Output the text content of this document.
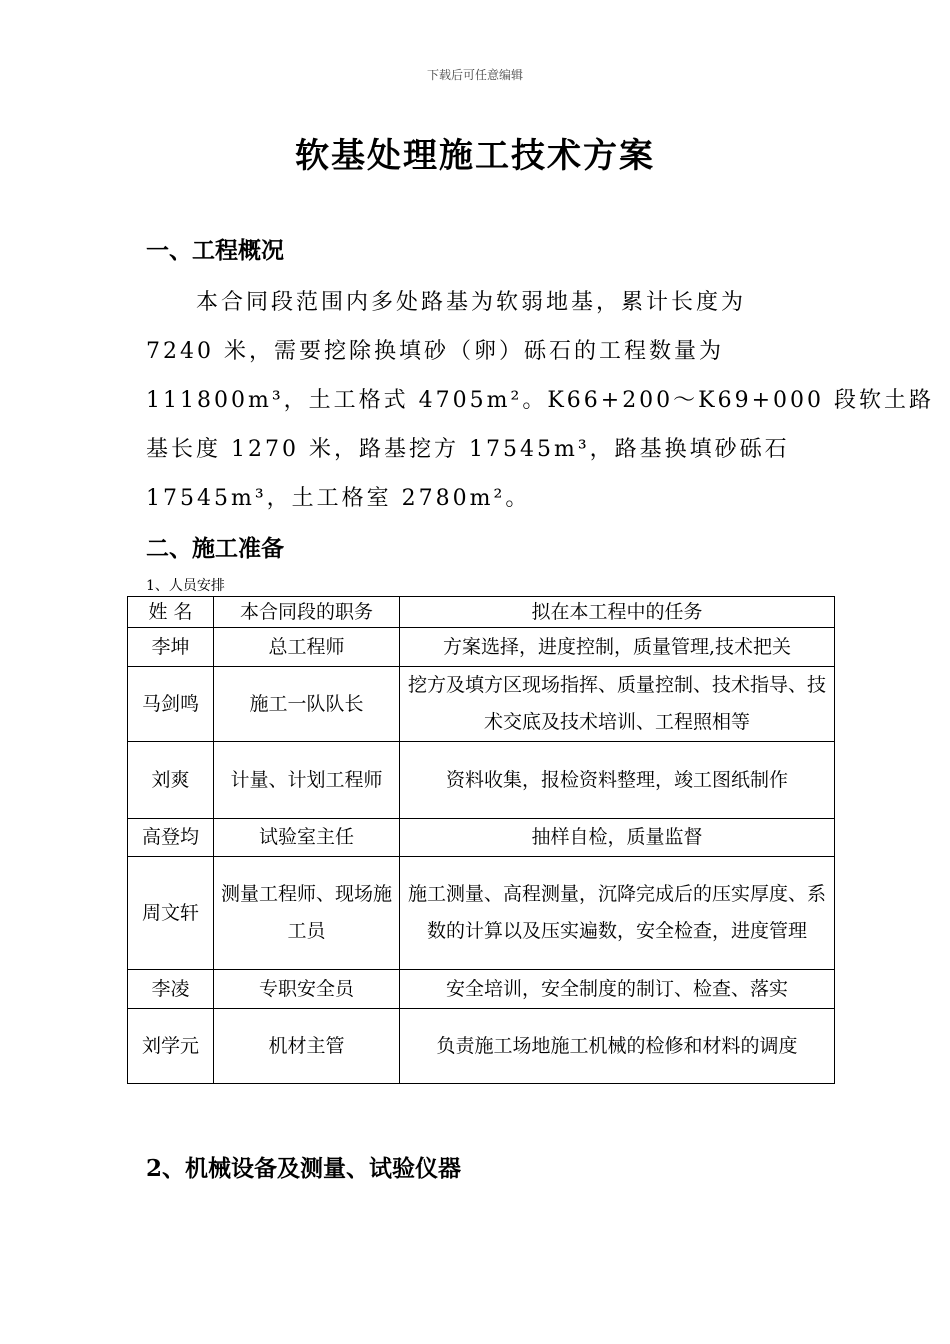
下载后可任意编辑
软基处理施工技术方案
一、工程概况
本合同段范围内多处路基为软弱地基，累计长度为
7240 米，需要挖除换填砂（卵）砾石的工程数量为
111800m³，土工格式 4705m²。K66+200～K69+000 段软土路
基长度 1270 米，路基挖方 17545m³，路基换填砂砾石
17545m³，土工格室 2780m²。
二、施工准备
1、人员安排
姓 名	本合同段的职务	拟在本工程中的任务
李坤	总工程师	方案选择，进度控制，质量管理,技术把关
马剑鸣	施工一队队长	挖方及填方区现场指挥、质量控制、技术指导、技术交底及技术培训、工程照相等
刘爽	计量、计划工程师	资料收集，报检资料整理，竣工图纸制作
高登均	试验室主任	抽样自检，质量监督
周文轩	测量工程师、现场施工员	施工测量、高程测量，沉降完成后的压实厚度、系数的计算以及压实遍数，安全检查，进度管理
李凌	专职安全员	安全培训，安全制度的制订、检查、落实
刘学元	机材主管	负责施工场地施工机械的检修和材料的调度
2、机械设备及测量、试验仪器
